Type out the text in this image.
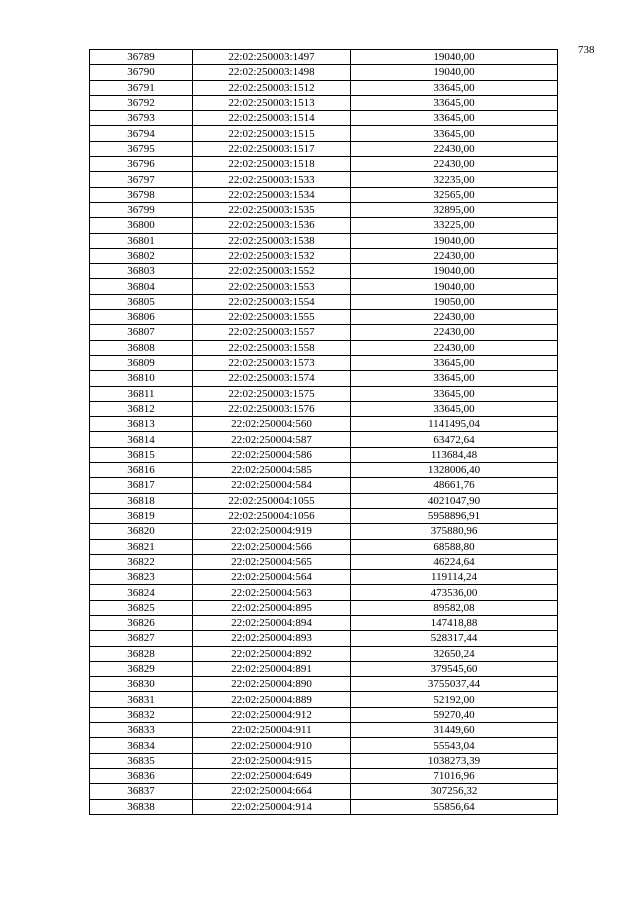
738
36789	22:02:250003:1497	19040,00
36790	22:02:250003:1498	19040,00
36791	22:02:250003:1512	33645,00
36792	22:02:250003:1513	33645,00
36793	22:02:250003:1514	33645,00
36794	22:02:250003:1515	33645,00
36795	22:02:250003:1517	22430,00
36796	22:02:250003:1518	22430,00
36797	22:02:250003:1533	32235,00
36798	22:02:250003:1534	32565,00
36799	22:02:250003:1535	32895,00
36800	22:02:250003:1536	33225,00
36801	22:02:250003:1538	19040,00
36802	22:02:250003:1532	22430,00
36803	22:02:250003:1552	19040,00
36804	22:02:250003:1553	19040,00
36805	22:02:250003:1554	19050,00
36806	22:02:250003:1555	22430,00
36807	22:02:250003:1557	22430,00
36808	22:02:250003:1558	22430,00
36809	22:02:250003:1573	33645,00
36810	22:02:250003:1574	33645,00
36811	22:02:250003:1575	33645,00
36812	22:02:250003:1576	33645,00
36813	22:02:250004:560	1141495,04
36814	22:02:250004:587	63472,64
36815	22:02:250004:586	113684,48
36816	22:02:250004:585	1328006,40
36817	22:02:250004:584	48661,76
36818	22:02:250004:1055	4021047,90
36819	22:02:250004:1056	5958896,91
36820	22:02:250004:919	375880,96
36821	22:02:250004:566	68588,80
36822	22:02:250004:565	46224,64
36823	22:02:250004:564	119114,24
36824	22:02:250004:563	473536,00
36825	22:02:250004:895	89582,08
36826	22:02:250004:894	147418,88
36827	22:02:250004:893	528317,44
36828	22:02:250004:892	32650,24
36829	22:02:250004:891	379545,60
36830	22:02:250004:890	3755037,44
36831	22:02:250004:889	52192,00
36832	22:02:250004:912	59270,40
36833	22:02:250004:911	31449,60
36834	22:02:250004:910	55543,04
36835	22:02:250004:915	1038273,39
36836	22:02:250004:649	71016,96
36837	22:02:250004:664	307256,32
36838	22:02:250004:914	55856,64
